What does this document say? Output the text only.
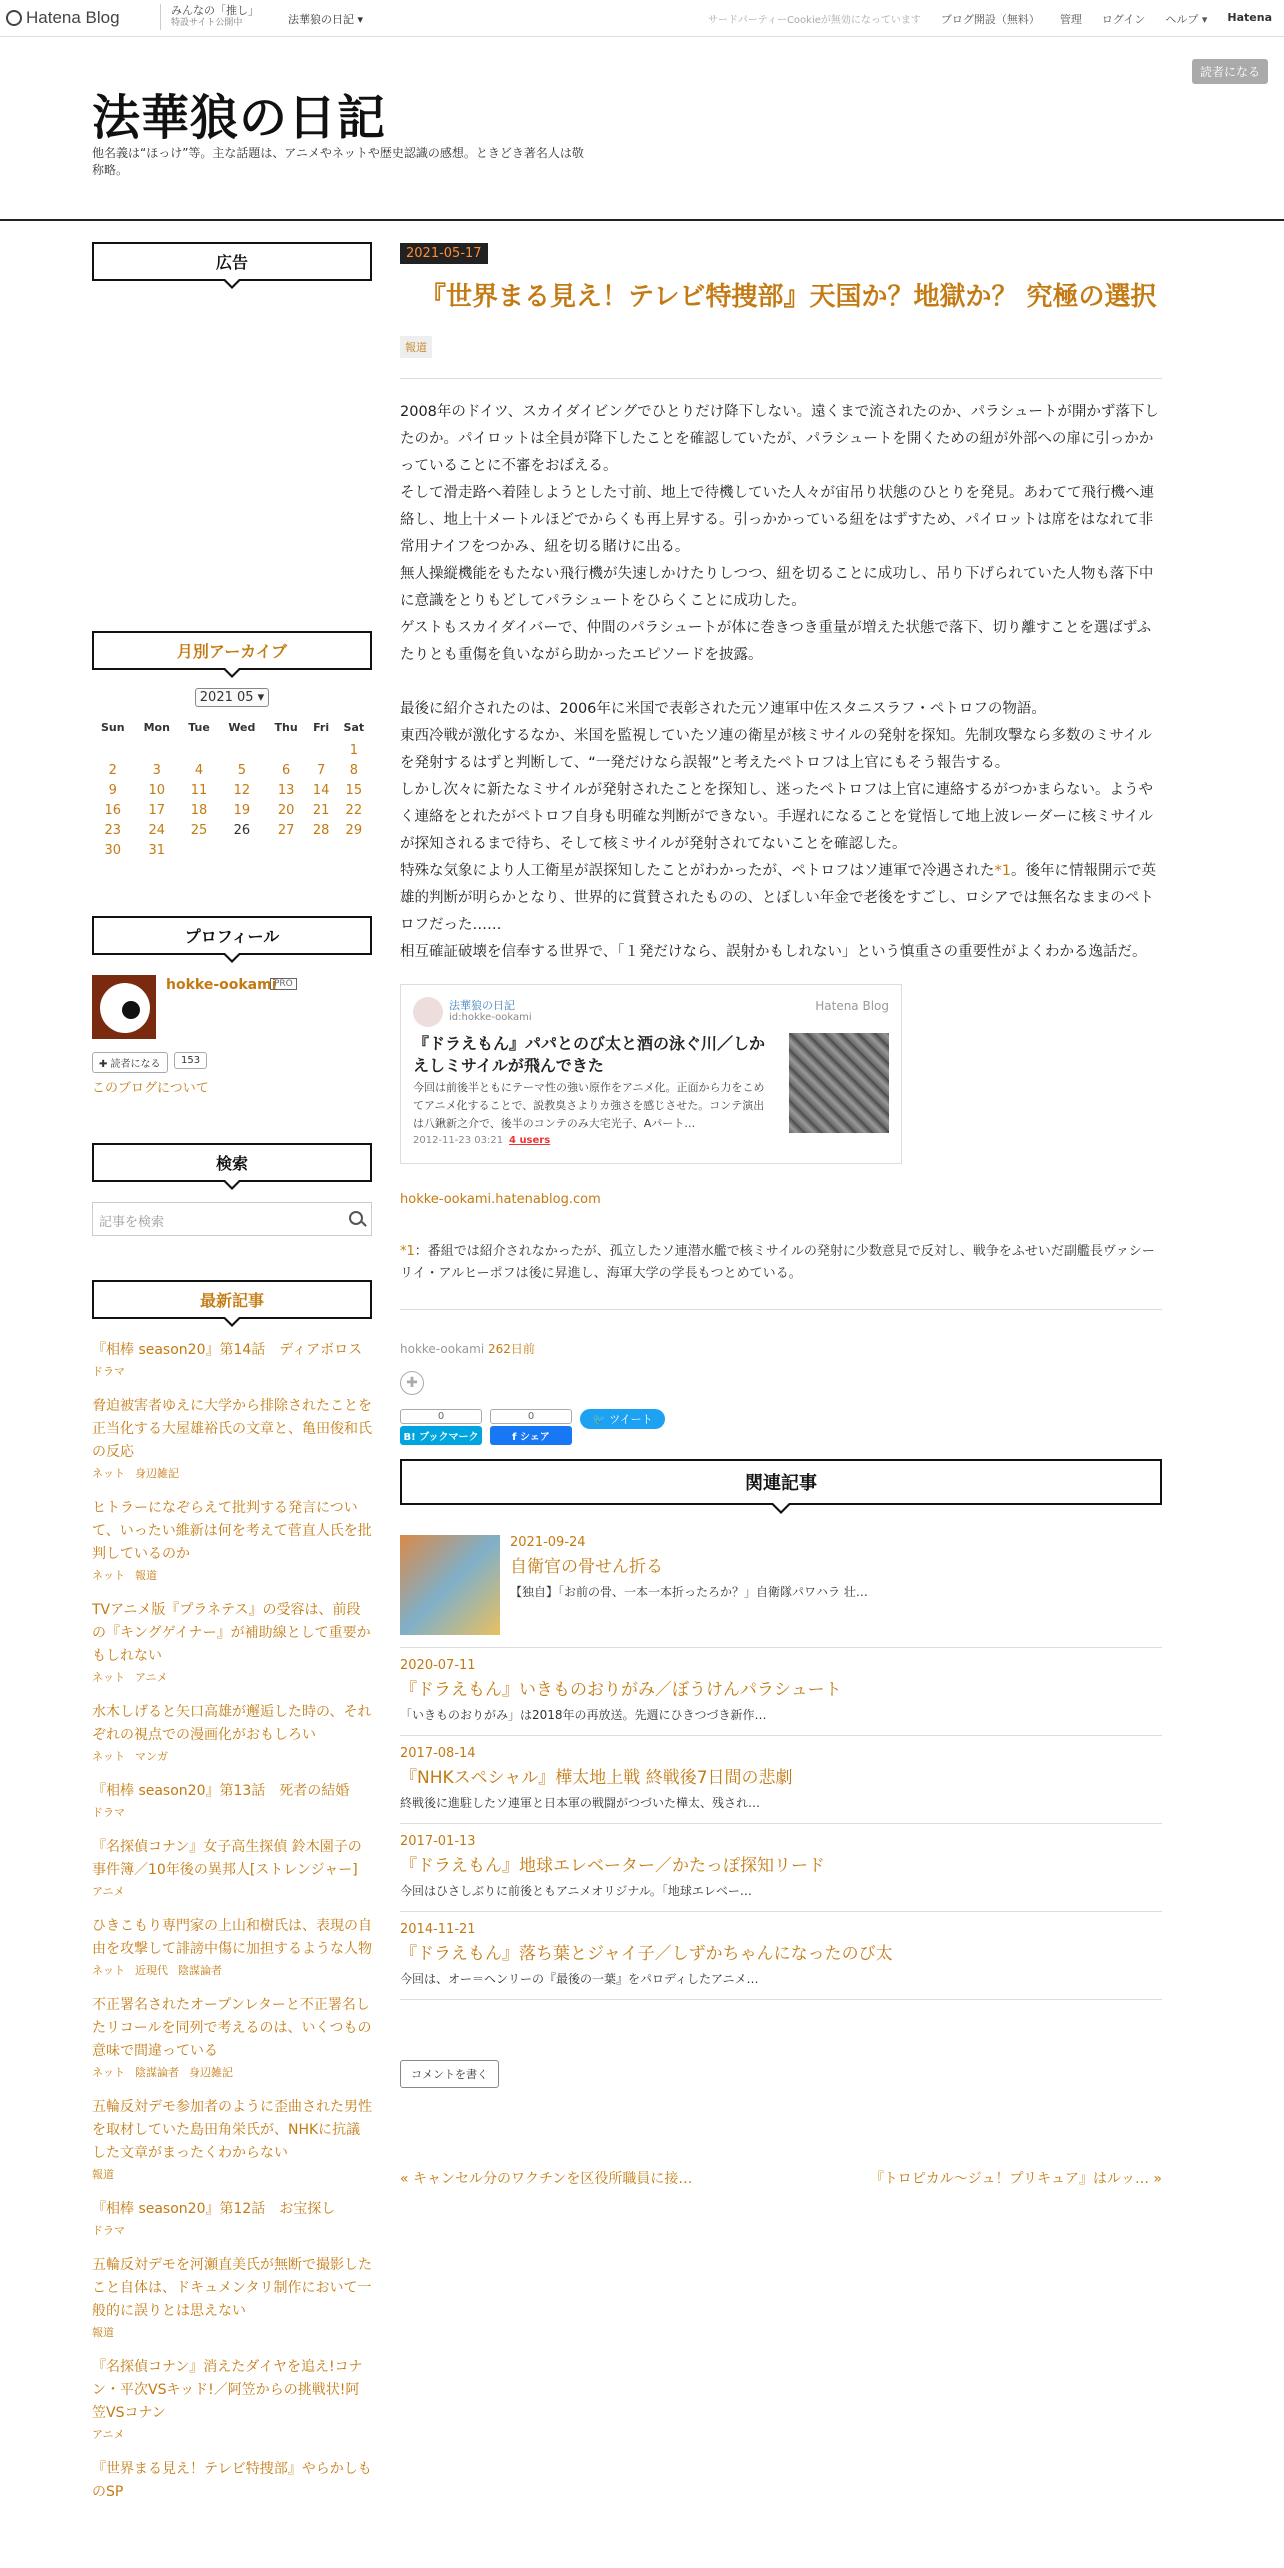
Hatena Blog	みんなの「推し」
特設サイト公開中	法華狼の日記 ▾	サードパーティーCookieが無効になっています ブログ開設（無料） 管理 ログイン ヘルプ ▾ Hatena
法華狼の日記
他名義は“ほっけ”等。主な話題は、アニメやネットや歴史認識の感想。ときどき著名人は敬称略。
読者になる
広告
月別アーカイブ
2021 05 ▾
Sun	Mon	Tue	Wed	Thu	Fri	Sat
						1
2	3	4	5	6	7	8
9	10	11	12	13	14	15
16	17	18	19	20	21	22
23	24	25	26	27	28	29
30	31					
プロフィール
hokke-ookami
PRO
✚ 読者になる	153
このブログについて
検索
記事を検索
最新記事
『相棒 season20』第14話　ディアボロス
ドラマ
脅迫被害者ゆえに大学から排除されたことを正当化する大屋雄裕氏の文章と、亀田俊和氏の反応
ネット 身辺雑記
ヒトラーになぞらえて批判する発言について、いったい維新は何を考えて菅直人氏を批判しているのか
ネット 報道
TVアニメ版『プラネテス』の受容は、前段の『キングゲイナー』が補助線として重要かもしれない
ネット アニメ
水木しげると矢口高雄が邂逅した時の、それぞれの視点での漫画化がおもしろい
ネット マンガ
『相棒 season20』第13話　死者の結婚
ドラマ
『名探偵コナン』女子高生探偵 鈴木園子の事件簿／10年後の異邦人[ストレンジャー]
アニメ
ひきこもり専門家の上山和樹氏は、表現の自由を攻撃して誹謗中傷に加担するような人物
ネット 近現代 陰謀論者
不正署名されたオープンレターと不正署名したリコールを同列で考えるのは、いくつもの意味で間違っている
ネット 陰謀論者 身辺雑記
五輪反対デモ参加者のように歪曲された男性を取材していた島田角栄氏が、NHKに抗議した文章がまったくわからない
報道
『相棒 season20』第12話　お宝探し
ドラマ
五輪反対デモを河瀬直美氏が無断で撮影したこと自体は、ドキュメンタリ制作において一般的に誤りとは思えない
報道
『名探偵コナン』消えたダイヤを追え!コナン・平次VSキッド!／阿笠からの挑戦状!阿笠VSコナン
アニメ
『世界まる見え！テレビ特捜部』やらかしものSP
2021-05-17
『世界まる見え！テレビ特捜部』天国か？地獄か？ 究極の選択
報道

2008年のドイツ、スカイダイビングでひとりだけ降下しない。遠くまで流されたのか、パラシュートが開かず落下したのか。パイロットは全員が降下したことを確認していたが、パラシュートを開くための紐が外部への扉に引っかかっていることに不審をおぼえる。

そして滑走路へ着陸しようとした寸前、地上で待機していた人々が宙吊り状態のひとりを発見。あわてて飛行機へ連絡し、地上十メートルほどでからくも再上昇する。引っかかっている紐をはずすため、パイロットは席をはなれて非常用ナイフをつかみ、紐を切る賭けに出る。

無人操縦機能をもたない飛行機が失速しかけたりしつつ、紐を切ることに成功し、吊り下げられていた人物も落下中に意識をとりもどしてパラシュートをひらくことに成功した。

ゲストもスカイダイバーで、仲間のパラシュートが体に巻きつき重量が増えた状態で落下、切り離すことを選ばずふたりとも重傷を負いながら助かったエピソードを披露。

最後に紹介されたのは、2006年に米国で表彰された元ソ連軍中佐スタニスラフ・ペトロフの物語。

東西冷戦が激化するなか、米国を監視していたソ連の衛星が核ミサイルの発射を探知。先制攻撃なら多数のミサイルを発射するはずと判断して、“一発だけなら誤報”と考えたペトロフは上官にもそう報告する。

しかし次々に新たなミサイルが発射されたことを探知し、迷ったペトロフは上官に連絡するがつかまらない。ようやく連絡をとれたがペトロフ自身も明確な判断ができない。手遅れになることを覚悟して地上波レーダーに核ミサイルが探知されるまで待ち、そして核ミサイルが発射されてないことを確認した。

特殊な気象により人工衛星が誤探知したことがわかったが、ペトロフはソ連軍で冷遇された*1。後年に情報開示で英雄的判断が明らかとなり、世界的に賞賛されたものの、とぼしい年金で老後をすごし、ロシアでは無名なままのペトロフだった……

相互確証破壊を信奉する世界で、「１発だけなら、誤射かもしれない」という慎重さの重要性がよくわかる逸話だ。

法華狼の日記
id:hokke-ookami
Hatena Blog
『ドラえもん』パパとのび太と酒の泳ぐ川／しかえしミサイルが飛んできた
今回は前後半ともにテーマ性の強い原作をアニメ化。正面から力をこめてアニメ化することで、説教臭さよりカ強さを感じさせた。コンテ演出は八鍬新之介で、後半のコンテのみ大宅光子、Aパート…
2012-11-23 03:21 4 users
hokke-ookami.hatenablog.com
*1：番組では紹介されなかったが、孤立したソ連潜水艦で核ミサイルの発射に少数意見で反対し、戦争をふせいだ副艦長ヴァシーリイ・アルヒーポフは後に昇進し、海軍大学の学長もつとめている。
hokke-ookami 262日前
✚
0
B! ブックマーク
0
f シェア
🐦 ツイート
関連記事
2021-09-24
自衛官の骨せん折る
【独自】「お前の骨、一本一本折ったろか？」自衛隊パワハラ 壮…
2020-07-11
『ドラえもん』いきものおりがみ／ぼうけんパラシュート
「いきものおりがみ」は2018年の再放送。先週にひきつづき新作…
2017-08-14
『NHKスペシャル』樺太地上戦 終戦後7日間の悲劇
終戦後に進駐したソ連軍と日本軍の戦闘がつづいた樺太、残され…
2017-01-13
『ドラえもん』地球エレベーター／かたっぽ探知リード
今回はひさしぶりに前後ともアニメオリジナル。「地球エレベー…
2014-11-21
『ドラえもん』落ち葉とジャイ子／しずかちゃんになったのび太
今回は、オー＝ヘンリーの『最後の一葉』をパロディしたアニメ…
コメントを書く
« キャンセル分のワクチンを区役所職員に接…	『トロピカル～ジュ！プリキュア』はルッ… »
